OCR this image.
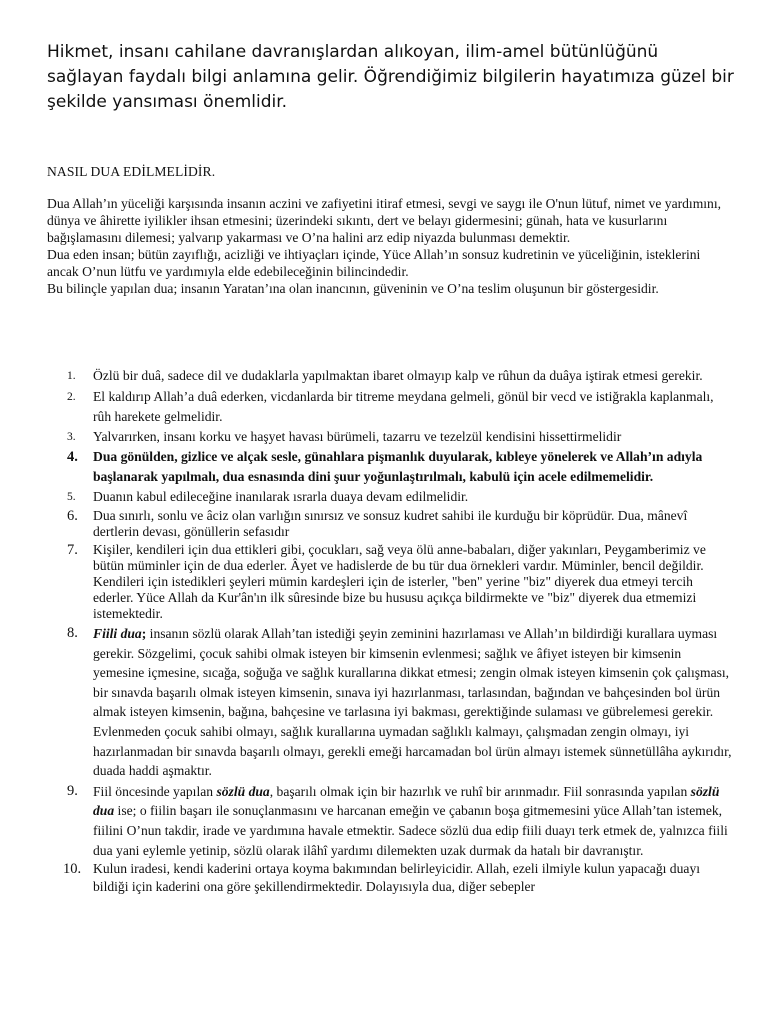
Hikmet, insanı cahilane davranışlardan alıkoyan, ilim-amel bütünlüğünü sağlayan faydalı bilgi anlamına gelir. Öğrendiğimiz bilgilerin hayatımıza güzel bir şekilde yansıması önemlidir.

NASIL DUA EDİLMELİDİR.

Dua Allah’ın yüceliği karşısında insanın aczini ve zafiyetini itiraf etmesi, sevgi ve saygı ile O'nun lütuf, nimet ve yardımını, dünya ve âhirette iyilikler ihsan etmesini; üzerindeki sıkıntı, dert ve belayı gidermesini; günah, hata ve kusurlarını bağışlamasını dilemesi; yalvarıp yakarması ve O’na halini arz edip niyazda bulunması demektir.

Dua eden insan; bütün zayıflığı, acizliği ve ihtiyaçları içinde, Yüce Allah’ın sonsuz kudretinin ve yüceliğinin, isteklerini ancak O’nun lütfu ve yardımıyla elde edebileceğinin bilincindedir.

Bu bilinçle yapılan dua; insanın Yaratan’ına olan inancının, güveninin ve O’na teslim oluşunun bir göstergesidir.

1. Özlü bir duâ, sadece dil ve dudaklarla yapılmaktan ibaret olmayıp kalp ve rûhun da duâya iştirak etmesi gerekir.
2. El kaldırıp Allah’a duâ ederken, vicdanlarda bir titreme meydana gelmeli, gönül bir vecd ve istiğrakla kaplanmalı, rûh harekete gelmelidir.
3. Yalvarırken, insanı korku ve haşyet havası bürümeli, tazarru ve tezelzül kendisini hissettirmelidir
4. Dua gönülden, gizlice ve alçak sesle, günahlara pişmanlık duyularak, kıbleye yönelerek ve Allah’ın adıyla başlanarak yapılmalı, dua esnasında dini şuur yoğunlaştırılmalı, kabulü için acele edilmemelidir.
5. Duanın kabul edileceğine inanılarak ısrarla duaya devam edilmelidir.
6. Dua sınırlı, sonlu ve âciz olan varlığın sınırsız ve sonsuz kudret sahibi ile kurduğu bir köprüdür. Dua, mânevî dertlerin devası, gönüllerin sefasıdır
7. Kişiler, kendileri için dua ettikleri gibi, çocukları, sağ veya ölü anne-babaları, diğer yakınları, Peygamberimiz ve bütün müminler için de dua ederler. Âyet ve hadislerde de bu tür dua örnekleri vardır. Müminler, bencil değildir. Kendileri için istedikleri şeyleri mümin kardeşleri için de isterler, "ben" yerine "biz" diyerek dua etmeyi tercih ederler. Yüce Allah da Kur'ân'ın ilk sûresinde bize bu hususu açıkça bildirmekte ve "biz" diyerek dua etmemizi istemektedir.
8. Fiili dua; insanın sözlü olarak Allah’tan istediği şeyin zeminini hazırlaması ve Allah’ın bildirdiği kurallara uyması gerekir. Sözgelimi, çocuk sahibi olmak isteyen bir kimsenin evlenmesi; sağlık ve âfiyet isteyen bir kimsenin yemesine içmesine, sıcağa, soğuğa ve sağlık kurallarına dikkat etmesi; zengin olmak isteyen kimsenin çok çalışması, bir sınavda başarılı olmak isteyen kimsenin, sınava iyi hazırlanması, tarlasından, bağından ve bahçesinden bol ürün almak isteyen kimsenin, bağına, bahçesine ve tarlasına iyi bakması, gerektiğinde sulaması ve gübrelemesi gerekir. Evlenmeden çocuk sahibi olmayı, sağlık kurallarına uymadan sağlıklı kalmayı, çalışmadan zengin olmayı, iyi hazırlanmadan bir sınavda başarılı olmayı, gerekli emeği harcamadan bol ürün almayı istemek sünnetüllâha aykırıdır, duada haddi aşmaktır.
9. Fiil öncesinde yapılan sözlü dua, başarılı olmak için bir hazırlık ve ruhî bir arınmadır. Fiil sonrasında yapılan sözlü dua ise; o fiilin başarı ile sonuçlanmasını ve harcanan emeğin ve çabanın boşa gitmemesini yüce Allah’tan istemek, fiilini O’nun takdir, irade ve yardımına havale etmektir. Sadece sözlü dua edip fiili duayı terk etmek de, yalnızca fiili dua yani eylemle yetinip, sözlü olarak ilâhî yardımı dilemekten uzak durmak da hatalı bir davranıştır.
10. Kulun iradesi, kendi kaderini ortaya koyma bakımından belirleyicidir. Allah, ezeli ilmiyle kulun yapacağı duayı bildiği için kaderini ona göre şekillendirmektedir. Dolayısıyla dua, diğer sebepler
